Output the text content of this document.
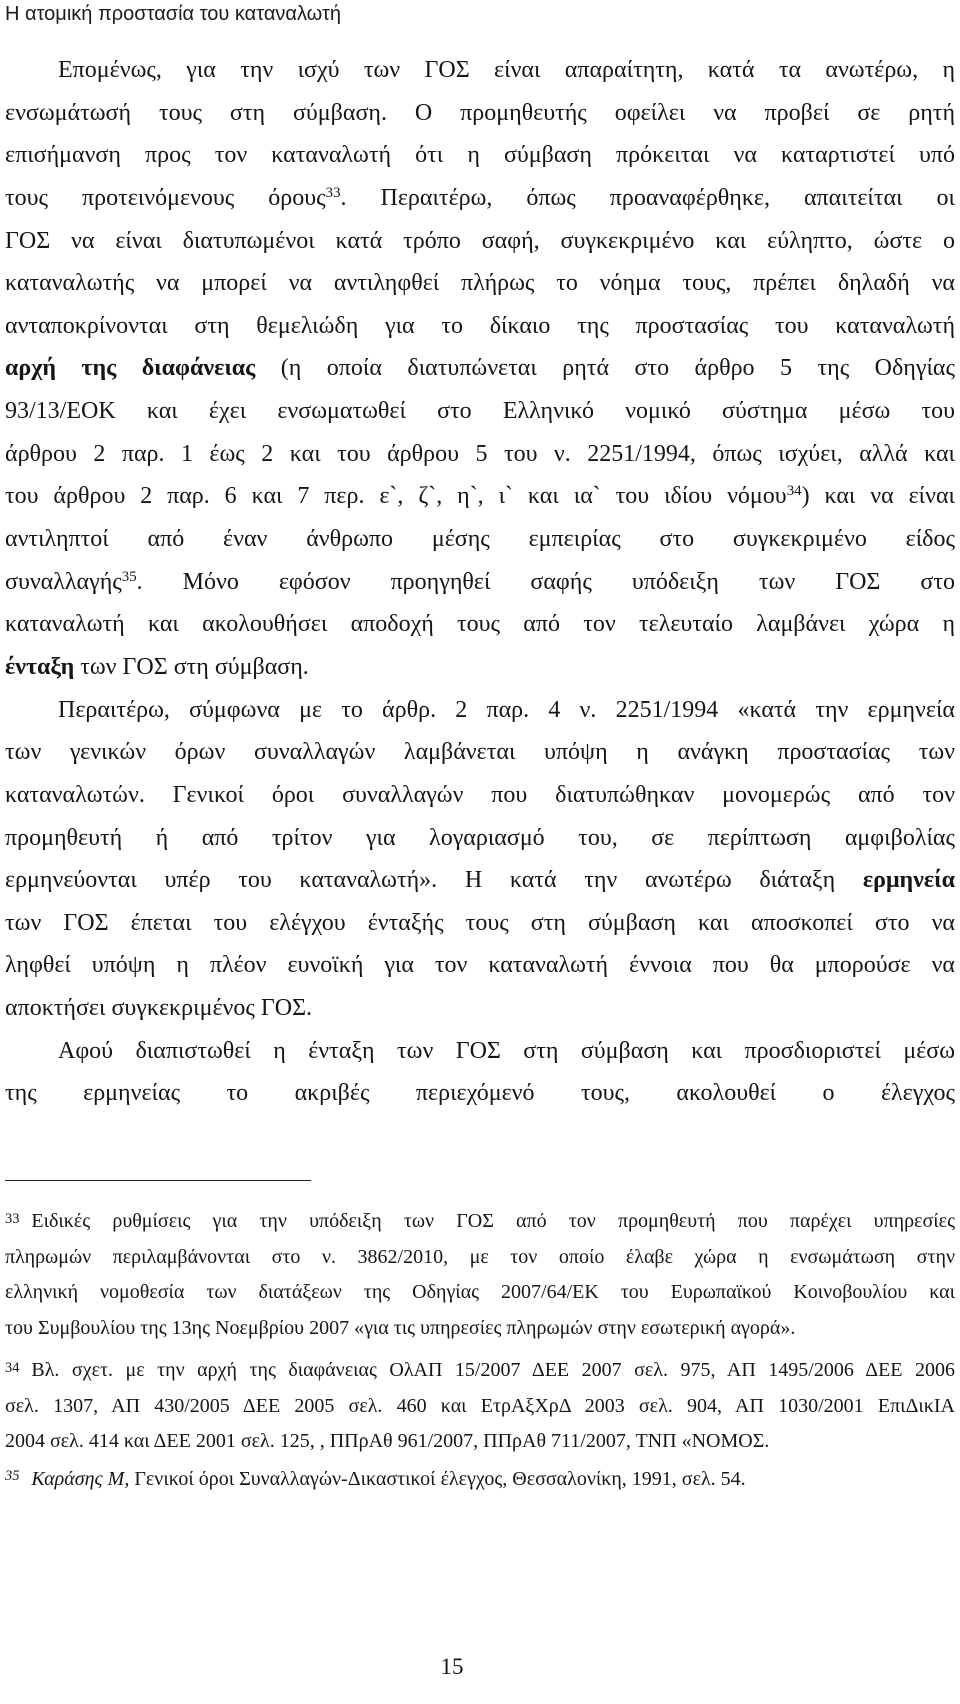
Η ατομική προστασία του καταναλωτή
Επομένως, για την ισχύ των ΓΟΣ είναι απαραίτητη, κατά τα ανωτέρω, η
ενσωμάτωσή τους στη σύμβαση. Ο προμηθευτής οφείλει να προβεί σε ρητή
επισήμανση προς τον καταναλωτή ότι η σύμβαση πρόκειται να καταρτιστεί υπό
τους προτεινόμενους όρους$^{33}$. Περαιτέρω, όπως προαναφέρθηκε, απαιτείται οι
ΓΟΣ να είναι διατυπωμένοι κατά τρόπο σαφή, συγκεκριμένο και εύληπτο, ώστε ο
καταναλωτής να μπορεί να αντιληφθεί πλήρως το νόημα τους, πρέπει δηλαδή να
ανταποκρίνονται στη θεμελιώδη για το δίκαιο της προστασίας του καταναλωτή
αρχή της διαφάνειας (η οποία διατυπώνεται ρητά στο άρθρο 5 της Οδηγίας
93/13/ΕΟΚ και έχει ενσωματωθεί στο Ελληνικό νομικό σύστημα μέσω του
άρθρου 2 παρ. 1 έως 2 και του άρθρου 5 του ν. 2251/1994, όπως ισχύει, αλλά και
του άρθρου 2 παρ. 6 και 7 περ. ε`, ζ`, η`, ι` και ια` του ιδίου νόμου$^{34}$) και να είναι
αντιληπτοί από έναν άνθρωπο μέσης εμπειρίας στο συγκεκριμένο είδος
συναλλαγής$^{35}$. Μόνο εφόσον προηγηθεί σαφής υπόδειξη των ΓΟΣ στο
καταναλωτή και ακολουθήσει αποδοχή τους από τον τελευταίο λαμβάνει χώρα η
ένταξη των ΓΟΣ στη σύμβαση.
Περαιτέρω, σύμφωνα με το άρθρ. 2 παρ. 4 ν. 2251/1994 «κατά την ερμηνεία
των γενικών όρων συναλλαγών λαμβάνεται υπόψη η ανάγκη προστασίας των
καταναλωτών. Γενικοί όροι συναλλαγών που διατυπώθηκαν μονομερώς από τον
προμηθευτή ή από τρίτον για λογαριασμό του, σε περίπτωση αμφιβολίας
ερμηνεύονται υπέρ του καταναλωτή». Η κατά την ανωτέρω διάταξη ερμηνεία
των ΓΟΣ έπεται του ελέγχου ένταξής τους στη σύμβαση και αποσκοπεί στο να
ληφθεί υπόψη η πλέον ευνοϊκή για τον καταναλωτή έννοια που θα μπορούσε να
αποκτήσει συγκεκριμένος ΓΟΣ.
Αφού διαπιστωθεί η ένταξη των ΓΟΣ στη σύμβαση και προσδιοριστεί μέσω
της ερμηνείας το ακριβές περιεχόμενό τους, ακολουθεί ο έλεγχος
$^{33}$ Ειδικές ρυθμίσεις για την υπόδειξη των ΓΟΣ από τον προμηθευτή που παρέχει υπηρεσίες
πληρωμών περιλαμβάνονται στο ν. 3862/2010, με τον οποίο έλαβε χώρα η ενσωμάτωση στην
ελληνική νομοθεσία των διατάξεων της Οδηγίας 2007/64/ΕΚ του Ευρωπαϊκού Κοινοβουλίου και
του Συμβουλίου της 13ης Νοεμβρίου 2007 «για τις υπηρεσίες πληρωμών στην εσωτερική αγορά».
$^{34}$ Βλ. σχετ. με την αρχή της διαφάνειας ΟλΑΠ 15/2007 ΔΕΕ 2007 σελ. 975, ΑΠ 1495/2006 ΔΕΕ 2006
σελ. 1307, ΑΠ 430/2005 ΔΕΕ 2005 σελ. 460 και ΕτρΑξΧρΔ 2003 σελ. 904, ΑΠ 1030/2001 ΕπιΔικΙΑ
2004 σελ. 414 και ΔΕΕ 2001 σελ. 125, , ΠΠρΑθ 961/2007, ΠΠρΑθ 711/2007, ΤΝΠ «ΝΟΜΟΣ.
$^{35}$ Καράσης Μ, Γενικοί όροι Συναλλαγών-Δικαστικοί έλεγχος, Θεσσαλονίκη, 1991, σελ. 54.
15
